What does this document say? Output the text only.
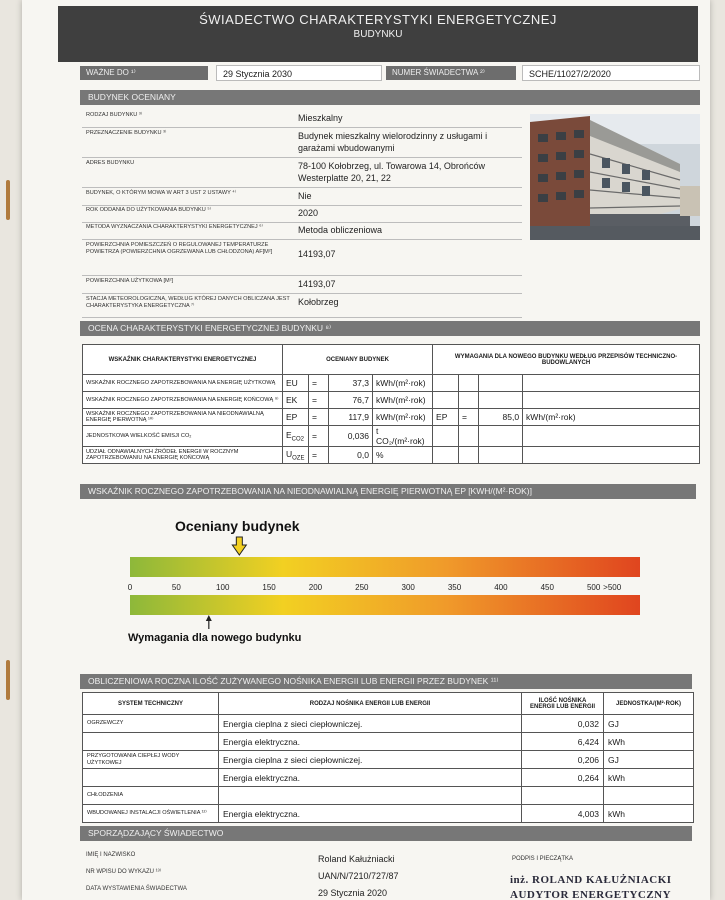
ŚWIADECTWO CHARAKTERYSTYKI ENERGETYCZNEJ
BUDYNKU
WAŻNE DO ¹⁾	29 Stycznia 2030	NUMER ŚWIADECTWA ²⁾	SCHE/11027/2/2020
BUDYNEK OCENIANY
RODZAJ BUDYNKU ³⁾	Mieszkalny
PRZEZNACZENIE BUDYNKU ³⁾	Budynek mieszkalny wielorodzinny z usługami i garażami wbudowanymi
ADRES BUDYNKU	78-100 Kołobrzeg, ul. Towarowa 14, Obrońców Westerplatte 20, 21, 22
BUDYNEK, O KTÓRYM MOWA W ART 3 UST 2 USTAWY ⁴⁾	Nie
ROK ODDANIA DO UŻYTKOWANIA BUDYNKU ⁵⁾	2020
METODA WYZNACZANIA CHARAKTERYSTYKI ENERGETYCZNEJ ⁶⁾	Metoda obliczeniowa
POWIERZCHNIA POMIESZCZEŃ O REGULOWANEJ TEMPERATURZE POWIETRZA (POWIERZCHNIA OGRZEWANA LUB CHŁODZONA) AF[M²]	14193,07
POWIERZCHNIA UŻYTKOWA [M²]	14193,07
STACJA METEOROLOGICZNA, WEDŁUG KTÓREJ DANYCH OBLICZANA JEST CHARAKTERYSTYKA ENERGETYCZNA ⁷⁾	Kołobrzeg
OCENA CHARAKTERYSTYKI ENERGETYCZNEJ BUDYNKU ⁸⁾
WSKAŹNIK CHARAKTERYSTYKI ENERGETYCZNEJ	OCENIANY BUDYNEK				WYMAGANIA DLA NOWEGO BUDYNKU WEDŁUG PRZEPISÓW TECHNICZNO-BUDOWLANYCH			
WSKAŹNIK ROCZNEGO ZAPOTRZEBOWANIA NA ENERGIĘ UŻYTKOWĄ	EU	=	37,3	kWh/(m²·rok)				
WSKAŹNIK ROCZNEGO ZAPOTRZEBOWANIA NA ENERGIĘ KOŃCOWĄ ⁹⁾	EK	=	76,7	kWh/(m²·rok)				
WSKAŹNIK ROCZNEGO ZAPOTRZEBOWANIA NA NIEODNAWIALNĄ ENERGIĘ PIERWOTNĄ ¹⁰⁾	EP	=	117,9	kWh/(m²·rok)	EP	=	85,0	kWh/(m²·rok)
JEDNOSTKOWA WIELKOŚĆ EMISJI CO₂	$E_{CO2}$	=	0,036	t CO₂/(m²·rok)				
UDZIAŁ ODNAWIALNYCH ŹRÓDEŁ ENERGII W ROCZNYM ZAPOTRZEBOWANIU NA ENERGIĘ KOŃCOWĄ	$U_{OZE}$	=	0,0	%				
WSKAŹNIK ROCZNEGO ZAPOTRZEBOWANIA NA NIEODNAWIALNĄ ENERGIĘ PIERWOTNĄ EP [KWH/(M²·ROK)]
Oceniany budynek
0	50	100	150	200	250	300	350	400	450	500 >500
Wymagania dla nowego budynku
OBLICZENIOWA ROCZNA ILOŚĆ ZUŻYWANEGO NOŚNIKA ENERGII LUB ENERGII PRZEZ BUDYNEK ¹¹⁾
SYSTEM TECHNICZNY	RODZAJ NOŚNIKA ENERGII LUB ENERGII	ILOŚĆ NOŚNIKA ENERGII LUB ENERGII	JEDNOSTKA/(M²·ROK)
OGRZEWCZY	Energia cieplna z sieci ciepłowniczej.	0,032	GJ
	Energia elektryczna.	6,424	kWh
PRZYGOTOWANIA CIEPŁEJ WODY UŻYTKOWEJ	Energia cieplna z sieci ciepłowniczej.	0,206	GJ
	Energia elektryczna.	0,264	kWh
CHŁODZENIA			
WBUDOWANEJ INSTALACJI OŚWIETLENIA ¹²⁾	Energia elektryczna.	4,003	kWh
SPORZĄDZAJĄCY ŚWIADECTWO
IMIĘ I NAZWISKO	Roland Kałużniacki
NR WPISU DO WYKAZU ¹³⁾	UAN/N/7210/727/87
DATA WYSTAWIENIA ŚWIADECTWA	29 Stycznia 2020
PODPIS I PIECZĄTKA
inż. ROLAND KAŁUŻNIACKI
AUDYTOR ENERGETYCZNY
